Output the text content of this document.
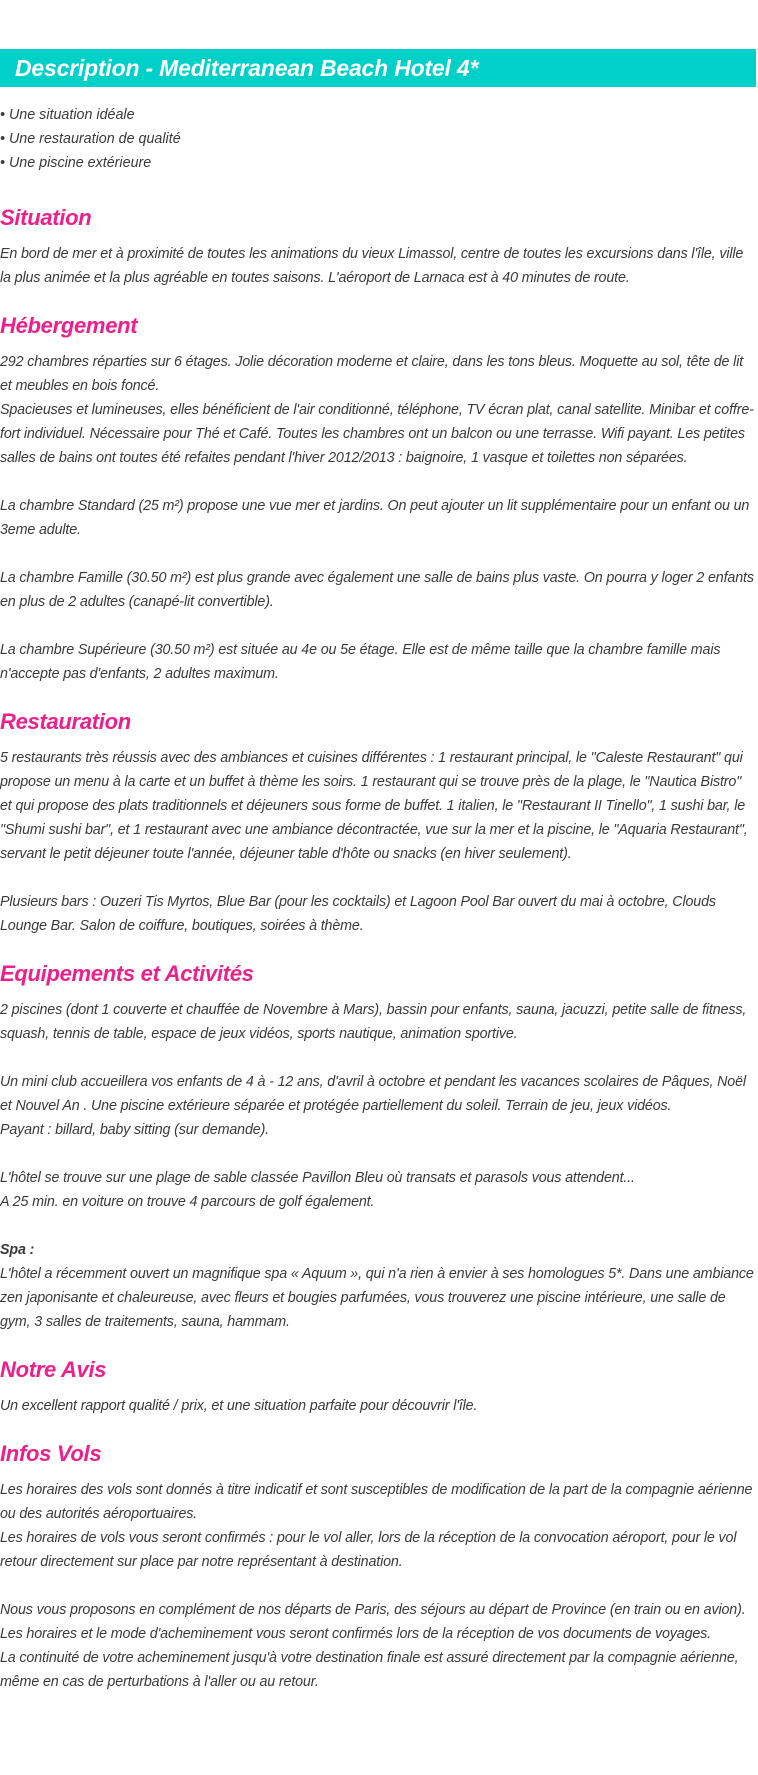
Description - Mediterranean Beach Hotel 4*
• Une situation idéale
• Une restauration de qualité
• Une piscine extérieure
Situation
En bord de mer et à proximité de toutes les animations du vieux Limassol, centre de toutes les excursions dans l'île, ville la plus animée et la plus agréable en toutes saisons. L'aéroport de Larnaca est à 40 minutes de route.
Hébergement
292 chambres réparties sur 6 étages. Jolie décoration moderne et claire, dans les tons bleus. Moquette au sol, tête de lit et meubles en bois foncé.
Spacieuses et lumineuses, elles bénéficient de l'air conditionné, téléphone, TV écran plat, canal satellite. Minibar et coffre-fort individuel. Nécessaire pour Thé et Café. Toutes les chambres ont un balcon ou une terrasse. Wifi payant. Les petites salles de bains ont toutes été refaites pendant l'hiver 2012/2013 : baignoire, 1 vasque et toilettes non séparées.
La chambre Standard (25 m²) propose une vue mer et jardins. On peut ajouter un lit supplémentaire pour un enfant ou un 3eme adulte.
La chambre Famille (30.50 m²) est plus grande avec également une salle de bains plus vaste. On pourra y loger 2 enfants en plus de 2 adultes (canapé-lit convertible).
La chambre Supérieure (30.50 m²) est située au 4e ou 5e étage. Elle est de même taille que la chambre famille mais n'accepte pas d'enfants, 2 adultes maximum.
Restauration
5 restaurants très réussis avec des ambiances et cuisines différentes : 1 restaurant principal, le "Caleste Restaurant" qui propose un menu à la carte et un buffet à thème les soirs. 1 restaurant qui se trouve près de la plage, le "Nautica Bistro" et qui propose des plats traditionnels et déjeuners sous forme de buffet. 1 italien, le "Restaurant II Tinello", 1 sushi bar, le "Shumi sushi bar", et 1 restaurant avec une ambiance décontractée, vue sur la mer et la piscine, le "Aquaria Restaurant", servant le petit déjeuner toute l'année, déjeuner table d'hôte ou snacks (en hiver seulement).
Plusieurs bars : Ouzeri Tis Myrtos, Blue Bar (pour les cocktails) et Lagoon Pool Bar ouvert du mai à octobre, Clouds Lounge Bar. Salon de coiffure, boutiques, soirées à thème.
Equipements et Activités
2 piscines (dont 1 couverte et chauffée de Novembre à Mars), bassin pour enfants, sauna, jacuzzi, petite salle de fitness, squash, tennis de table, espace de jeux vidéos, sports nautique, animation sportive.
Un mini club accueillera vos enfants de 4 à - 12 ans, d'avril à octobre et pendant les vacances scolaires de Pâques, Noël et Nouvel An . Une piscine extérieure séparée et protégée partiellement du soleil. Terrain de jeu, jeux vidéos.
Payant : billard, baby sitting (sur demande).
L'hôtel se trouve sur une plage de sable classée Pavillon Bleu où transats et parasols vous attendent...
A 25 min. en voiture on trouve 4 parcours de golf également.
Spa :
L'hôtel a récemment ouvert un magnifique spa « Aquum », qui n'a rien à envier à ses homologues 5*. Dans une ambiance zen japonisante et chaleureuse, avec fleurs et bougies parfumées, vous trouverez une piscine intérieure, une salle de gym, 3 salles de traitements, sauna, hammam.
Notre Avis
Un excellent rapport qualité / prix, et une situation parfaite pour découvrir l'île.
Infos Vols
Les horaires des vols sont donnés à titre indicatif et sont susceptibles de modification de la part de la compagnie aérienne ou des autorités aéroportuaires.
Les horaires de vols vous seront confirmés : pour le vol aller, lors de la réception de la convocation aéroport, pour le vol retour directement sur place par notre représentant à destination.
Nous vous proposons en complément de nos départs de Paris, des séjours au départ de Province (en train ou en avion).
Les horaires et le mode d'acheminement vous seront confirmés lors de la réception de vos documents de voyages.
La continuité de votre acheminement jusqu'à votre destination finale est assuré directement par la compagnie aérienne, même en cas de perturbations à l'aller ou au retour.
